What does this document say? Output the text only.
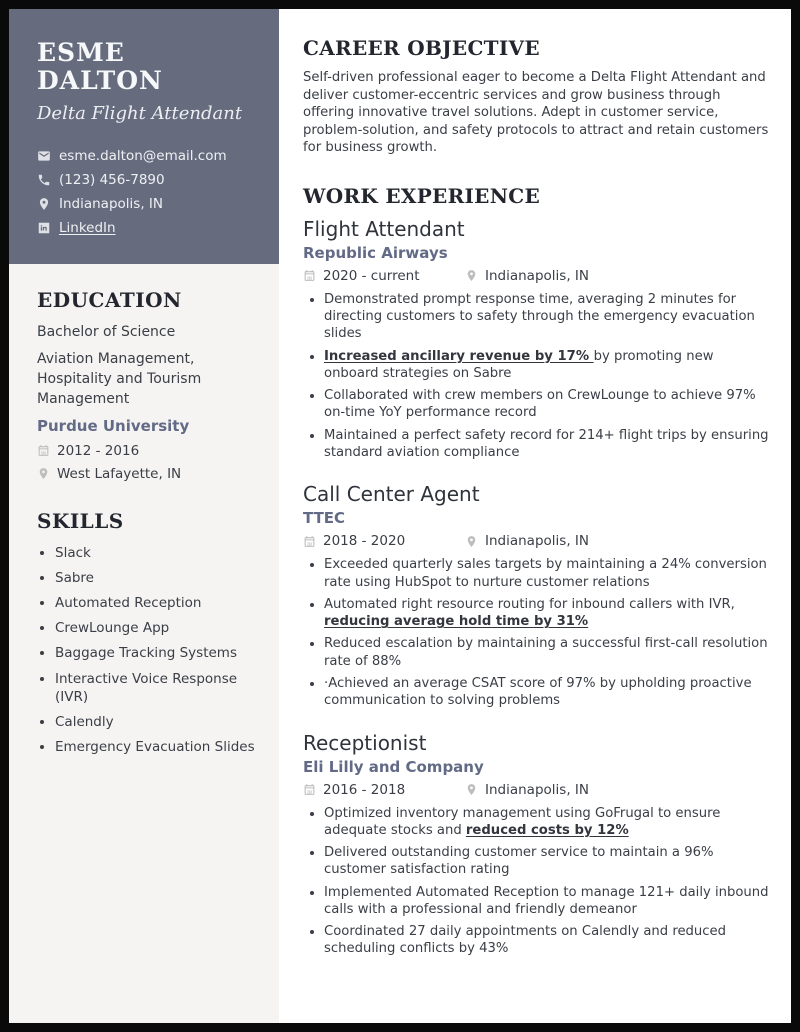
ESME DALTON
Delta Flight Attendant
esme.dalton@email.com
(123) 456-7890
Indianapolis, IN
LinkedIn
EDUCATION

Bachelor of Science

Aviation Management, Hospitality and Tourism Management

Purdue University

2012 - 2016
West Lafayette, IN
SKILLS
• Slack
• Sabre
• Automated Reception
• CrewLounge App
• Baggage Tracking Systems
• Interactive Voice Response (IVR)
• Calendly
• Emergency Evacuation Slides
CAREER OBJECTIVE

Self-driven professional eager to become a Delta Flight Attendant and deliver customer-eccentric services and grow business through offering innovative travel solutions. Adept in customer service, problem-solution, and safety protocols to attract and retain customers for business growth.

WORK EXPERIENCE
Flight Attendant
Republic Airways
2020 - current	Indianapolis, IN
• Demonstrated prompt response time, averaging 2 minutes for directing customers to safety through the emergency evacuation slides
• Increased ancillary revenue by 17% by promoting new onboard strategies on Sabre
• Collaborated with crew members on CrewLounge to achieve 97% on-time YoY performance record
• Maintained a perfect safety record for 214+ flight trips by ensuring standard aviation compliance
Call Center Agent
TTEC
2018 - 2020	Indianapolis, IN
• Exceeded quarterly sales targets by maintaining a 24% conversion rate using HubSpot to nurture customer relations
• Automated right resource routing for inbound callers with IVR, reducing average hold time by 31%
• Reduced escalation by maintaining a successful first-call resolution rate of 88%
• ·Achieved an average CSAT score of 97% by upholding proactive communication to solving problems
Receptionist
Eli Lilly and Company
2016 - 2018	Indianapolis, IN
• Optimized inventory management using GoFrugal to ensure adequate stocks and reduced costs by 12%
• Delivered outstanding customer service to maintain a 96% customer satisfaction rating
• Implemented Automated Reception to manage 121+ daily inbound calls with a professional and friendly demeanor
• Coordinated 27 daily appointments on Calendly and reduced scheduling conflicts by 43%
